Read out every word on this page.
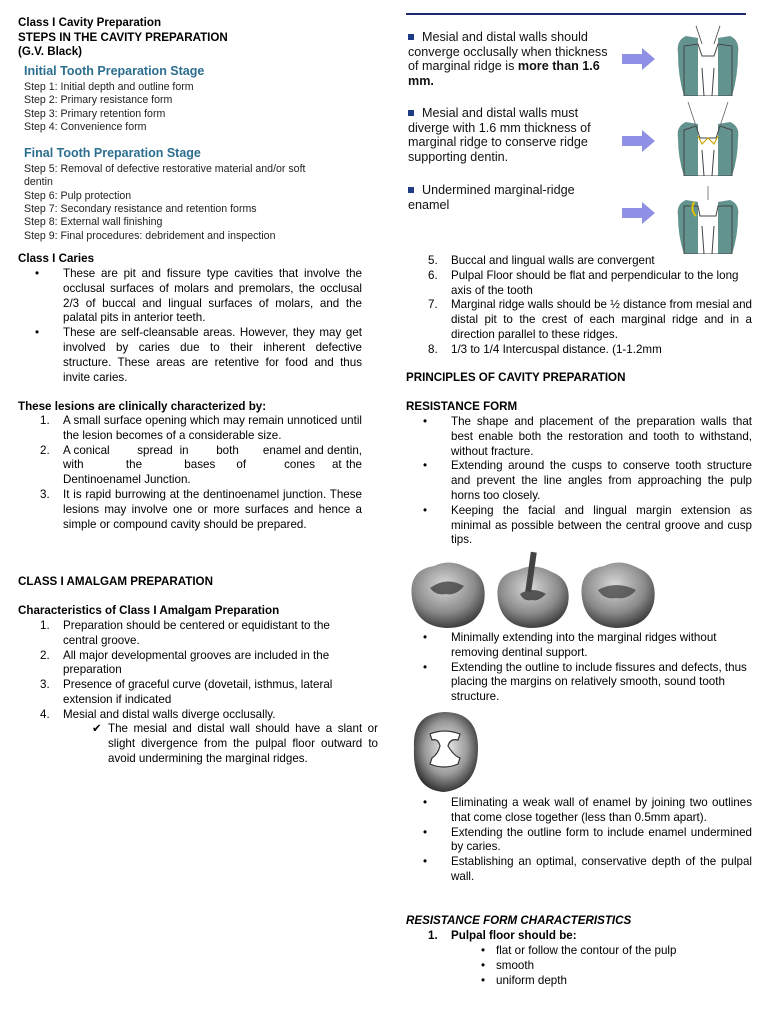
Class I Cavity Preparation
STEPS IN THE CAVITY PREPARATION
(G.V. Black)
Initial Tooth Preparation Stage
Step 1: Initial depth and outline form
Step 2: Primary resistance form
Step 3: Primary retention form
Step 4: Convenience form
Final Tooth Preparation Stage
Step 5: Removal of defective restorative material and/or soft dentin
Step 6: Pulp protection
Step 7: Secondary resistance and retention forms
Step 8: External wall finishing
Step 9: Final procedures: debridement and inspection
Class I Caries
• These are pit and fissure type cavities that involve the occlusal surfaces of molars and premolars, the occlusal 2/3 of buccal and lingual surfaces of molars, and the palatal pits in anterior teeth.
• These are self-cleansable areas. However, they may get involved by caries due to their inherent defective structure. These areas are retentive for food and thus invite caries.
These lesions are clinically characterized by:
1. A small surface opening which may remain unnoticed until the lesion becomes of a considerable size.
2. A conical        spread  in        both       enamel and dentin, with          the          bases     of         cones    at the Dentinoenamel Junction.
3. It is rapid burrowing at the dentinoenamel junction. These lesions may involve one or more surfaces and hence a simple or compound cavity should be prepared.
CLASS I AMALGAM PREPARATION
Characteristics of Class I Amalgam Preparation
1. Preparation should be centered or equidistant to the central groove.
2. All major developmental grooves are included in the preparation
3. Presence of graceful curve (dovetail, isthmus, lateral extension if indicated
4. Mesial and distal walls diverge occlusally.
✔ The mesial and distal wall should have a slant or slight divergence from the pulpal floor outward to avoid undermining the marginal ridges.
Mesial and distal walls should converge occlusally when thickness of marginal ridge is more than 1.6 mm.
Mesial and distal walls must diverge with 1.6 mm thickness of marginal ridge to conserve ridge supporting dentin.
Undermined marginal-ridge enamel
5. Buccal and lingual walls are convergent
6. Pulpal Floor should be flat and perpendicular to the long axis of the tooth
7. Marginal ridge walls should be ½ distance from mesial and distal pit to the crest of each marginal ridge and in a direction parallel to these ridges.
8. 1/3 to 1/4 Intercuspal distance. (1-1.2mm
PRINCIPLES OF CAVITY PREPARATION
RESISTANCE FORM
• The shape and placement of the preparation walls that best enable both the restoration and tooth to withstand, without fracture.
• Extending around the cusps to conserve tooth structure and prevent the line angles from approaching the pulp horns too closely.
• Keeping the facial and lingual margin extension as minimal as possible between the central groove and cusp tips.
• Minimally extending into the marginal ridges without removing dentinal support.
• Extending the outline to include fissures and defects, thus placing the margins on relatively smooth, sound tooth structure.
• Eliminating a weak wall of enamel by joining two outlines that come close together (less than 0.5mm apart).
• Extending the outline form to include enamel undermined by caries.
• Establishing an optimal, conservative depth of the pulpal wall.
RESISTANCE FORM CHARACTERISTICS
1. Pulpal floor should be:
• flat or follow the contour of the pulp
• smooth
• uniform depth
